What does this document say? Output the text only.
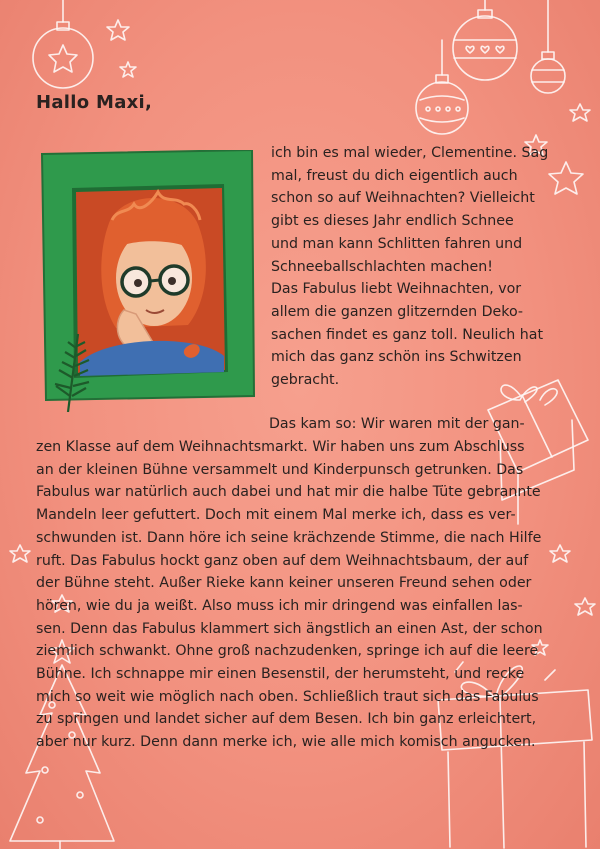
Hallo Maxi,
ich bin es mal wieder, Clementine. Sag
mal, freust du dich eigentlich auch
schon so auf Weihnachten? Vielleicht
gibt es dieses Jahr endlich Schnee
und man kann Schlitten fahren und
Schneeballschlachten machen!
Das Fabulus liebt Weihnachten, vor
allem die ganzen glitzernden Deko-
sachen findet es ganz toll. Neulich hat
mich das ganz schön ins Schwitzen
gebracht.
Das kam so: Wir waren mit der gan-
zen Klasse auf dem Weihnachtsmarkt. Wir haben uns zum Abschluss
an der kleinen Bühne versammelt und Kinderpunsch getrunken. Das
Fabulus war natürlich auch dabei und hat mir die halbe Tüte gebrannte
Mandeln leer gefuttert. Doch mit einem Mal merke ich, dass es ver-
schwunden ist. Dann höre ich seine krächzende Stimme, die nach Hilfe
ruft. Das Fabulus hockt ganz oben auf dem Weihnachtsbaum, der auf
der Bühne steht. Außer Rieke kann keiner unseren Freund sehen oder
hören, wie du ja weißt. Also muss ich mir dringend was einfallen las-
sen. Denn das Fabulus klammert sich ängstlich an einen Ast, der schon
ziemlich schwankt. Ohne groß nachzudenken, springe ich auf die leere
Bühne. Ich schnappe mir einen Besenstil, der herumsteht, und recke
mich so weit wie möglich nach oben. Schließlich traut sich das Fabulus
zu springen und landet sicher auf dem Besen. Ich bin ganz erleichtert,
aber nur kurz. Denn dann merke ich, wie alle mich komisch angucken.
